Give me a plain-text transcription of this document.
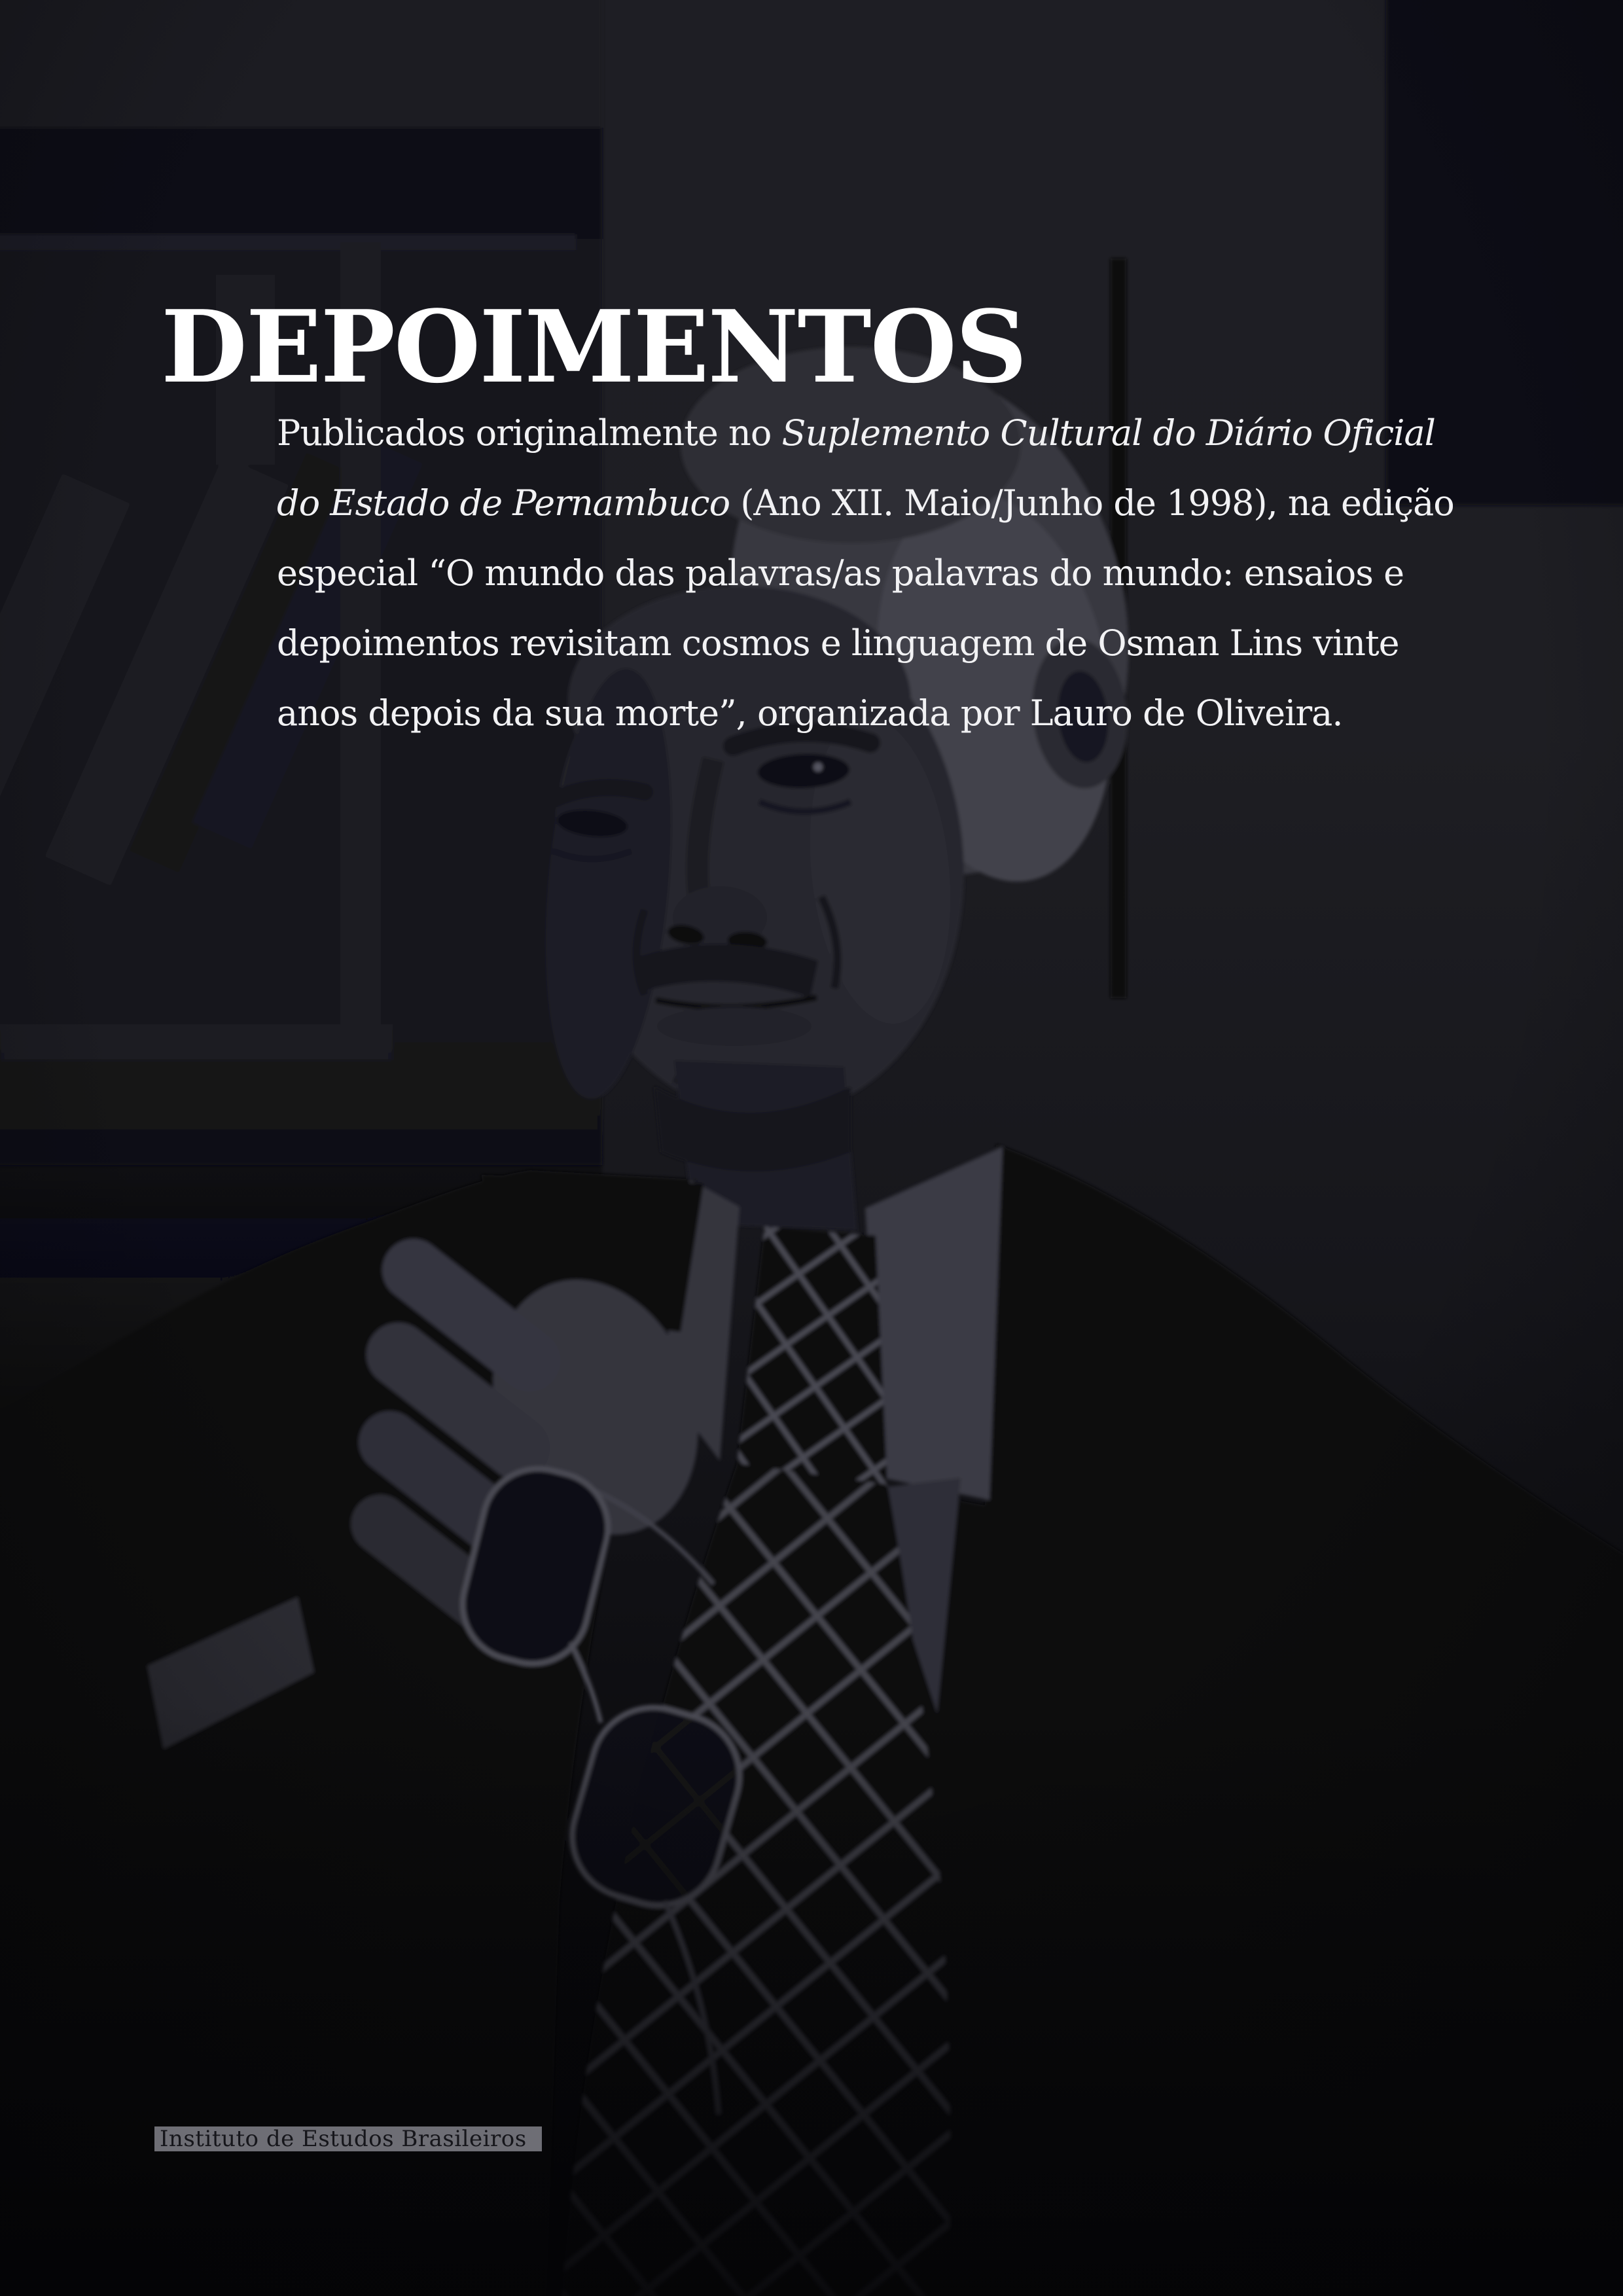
DEPOIMENTOS
Publicados originalmente no Suplemento Cultural do Diário Oficial
do Estado de Pernambuco (Ano XII. Maio/Junho de 1998), na edição
especial “O mundo das palavras/as palavras do mundo: ensaios e
depoimentos revisitam cosmos e linguagem de Osman Lins vinte
anos depois da sua morte”, organizada por Lauro de Oliveira.
Instituto de Estudos Brasileiros
